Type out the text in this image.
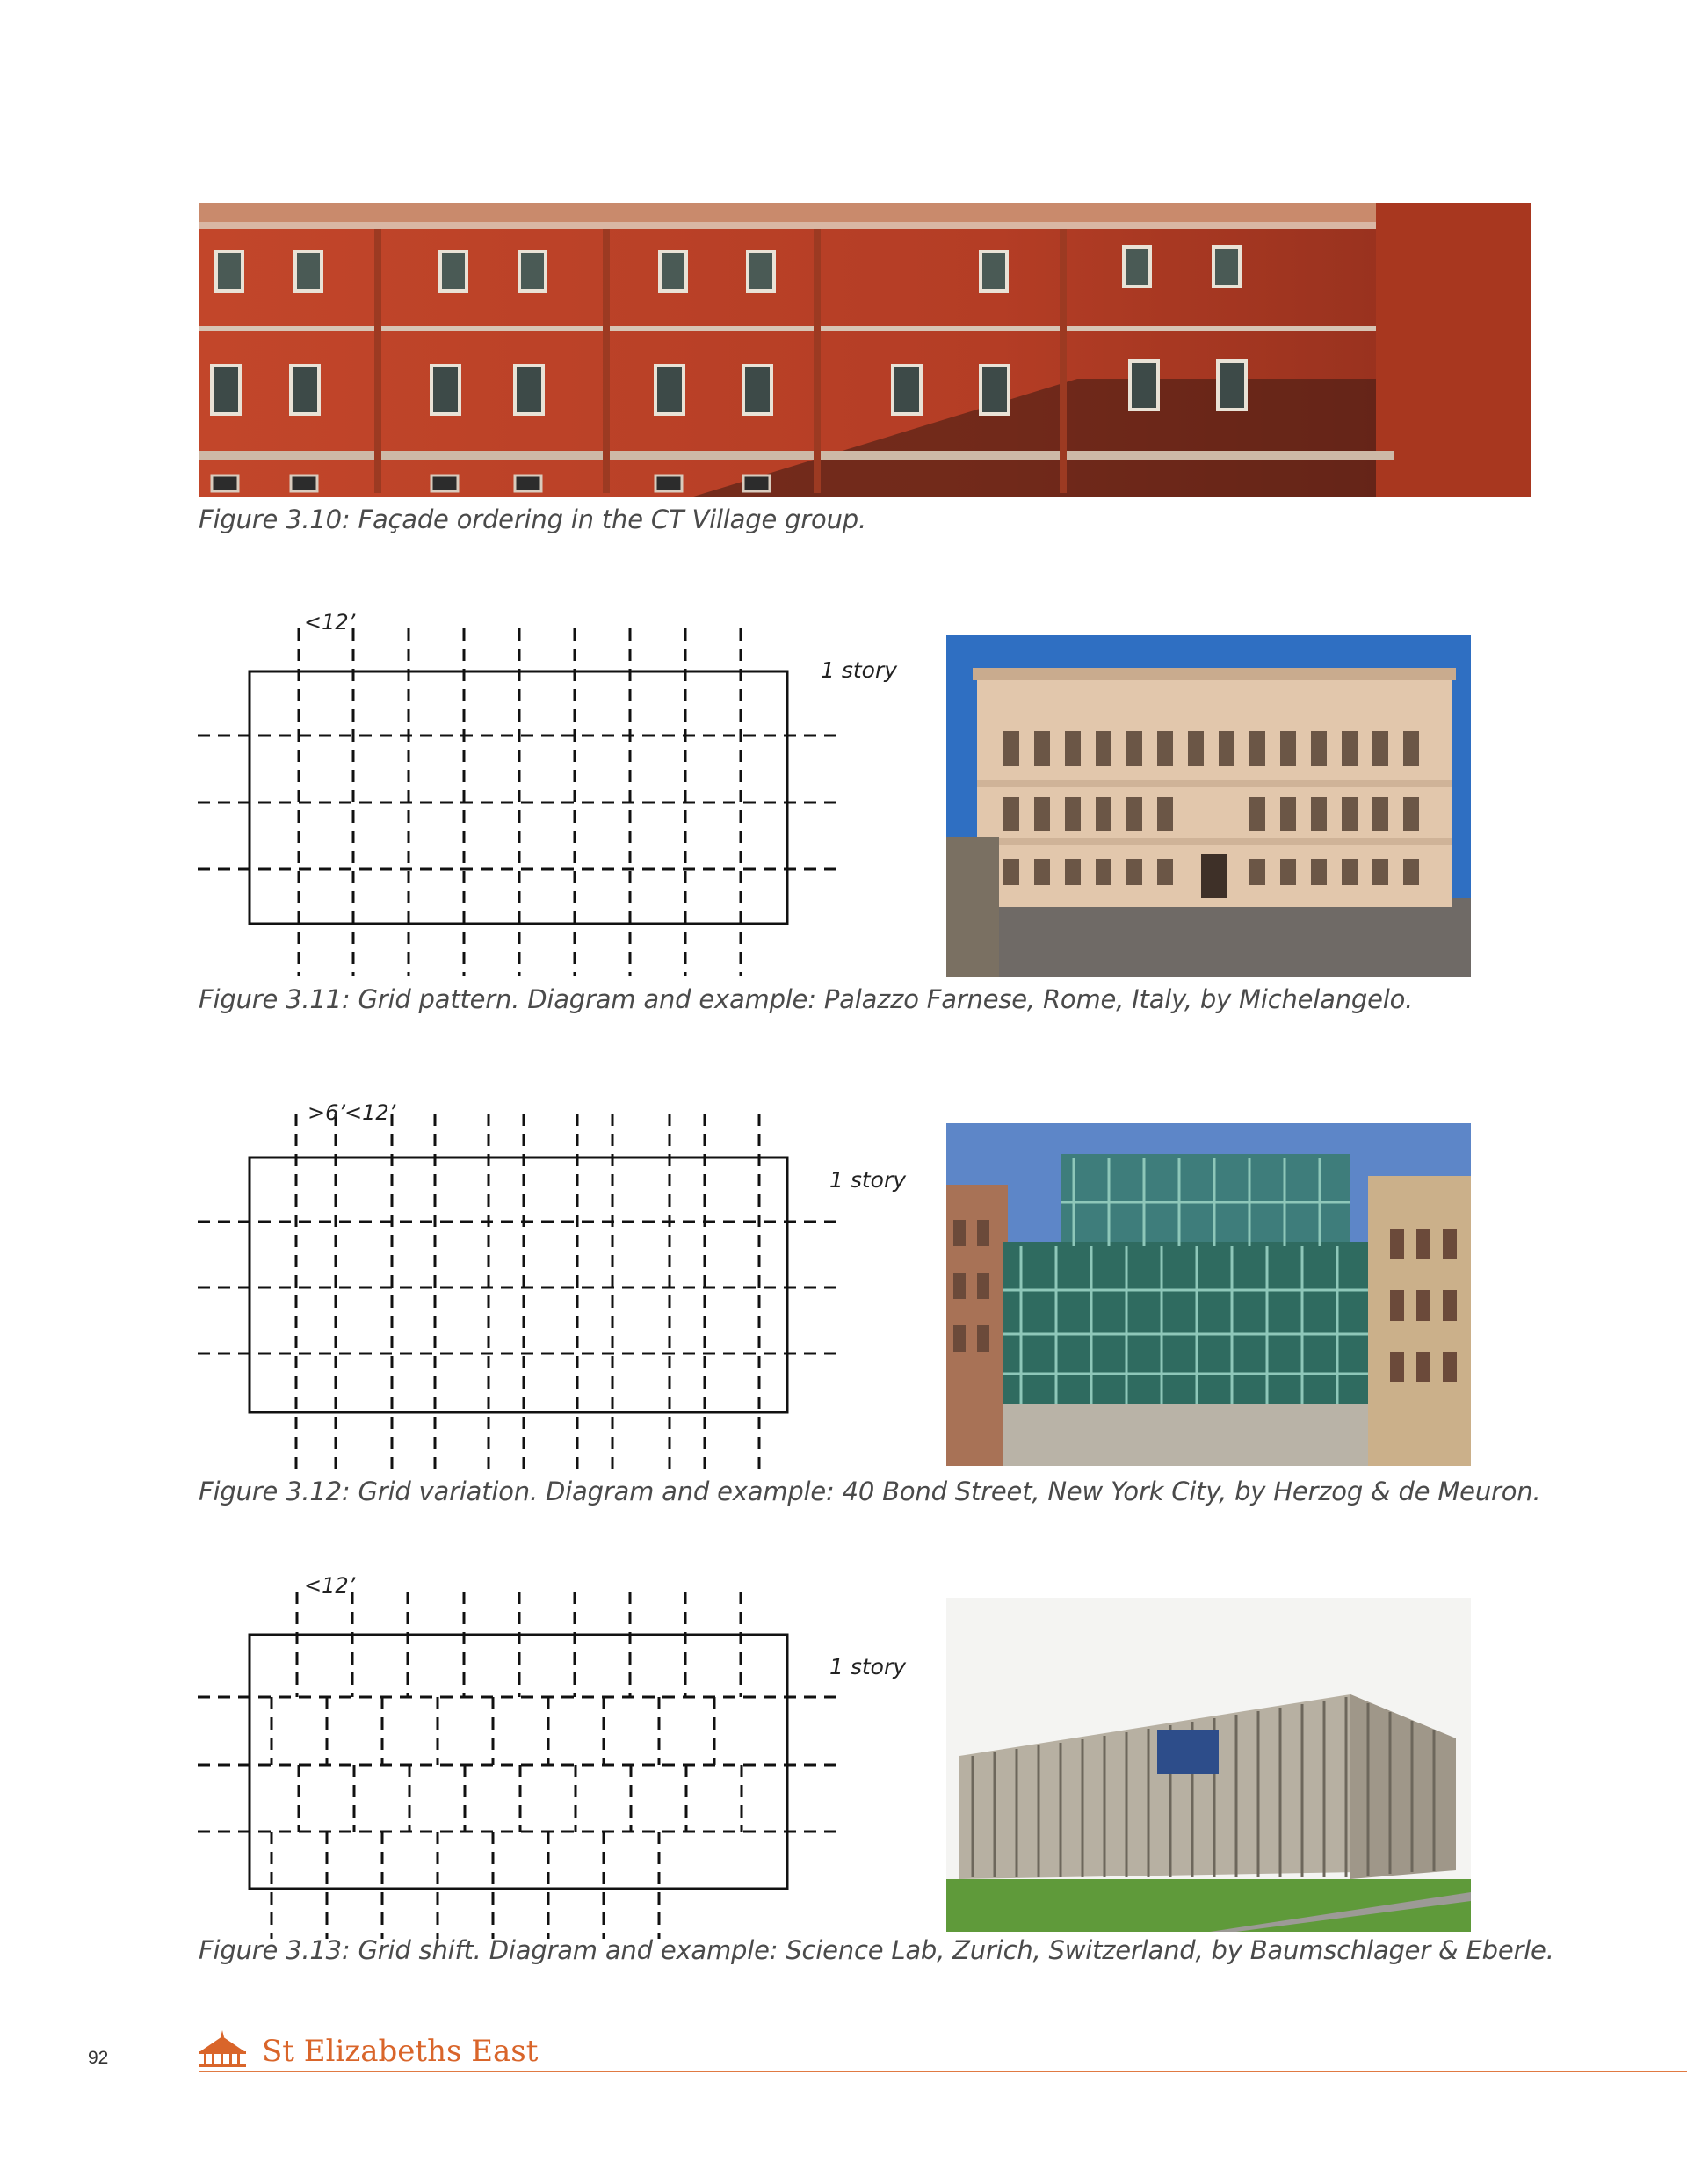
Figure 3.10: Façade ordering in the CT Village group.
<12’
1 story
Figure 3.11: Grid pattern. Diagram and example: Palazzo Farnese, Rome, Italy, by Michelangelo.
>6’
<12’
1 story
Figure 3.12: Grid variation. Diagram and example: 40 Bond Street, New York City, by Herzog & de Meuron.
<12’
1 story
Figure 3.13: Grid shift. Diagram and example: Science Lab, Zurich, Switzerland, by Baumschlager & Eberle.
92	St Elizabeths East
